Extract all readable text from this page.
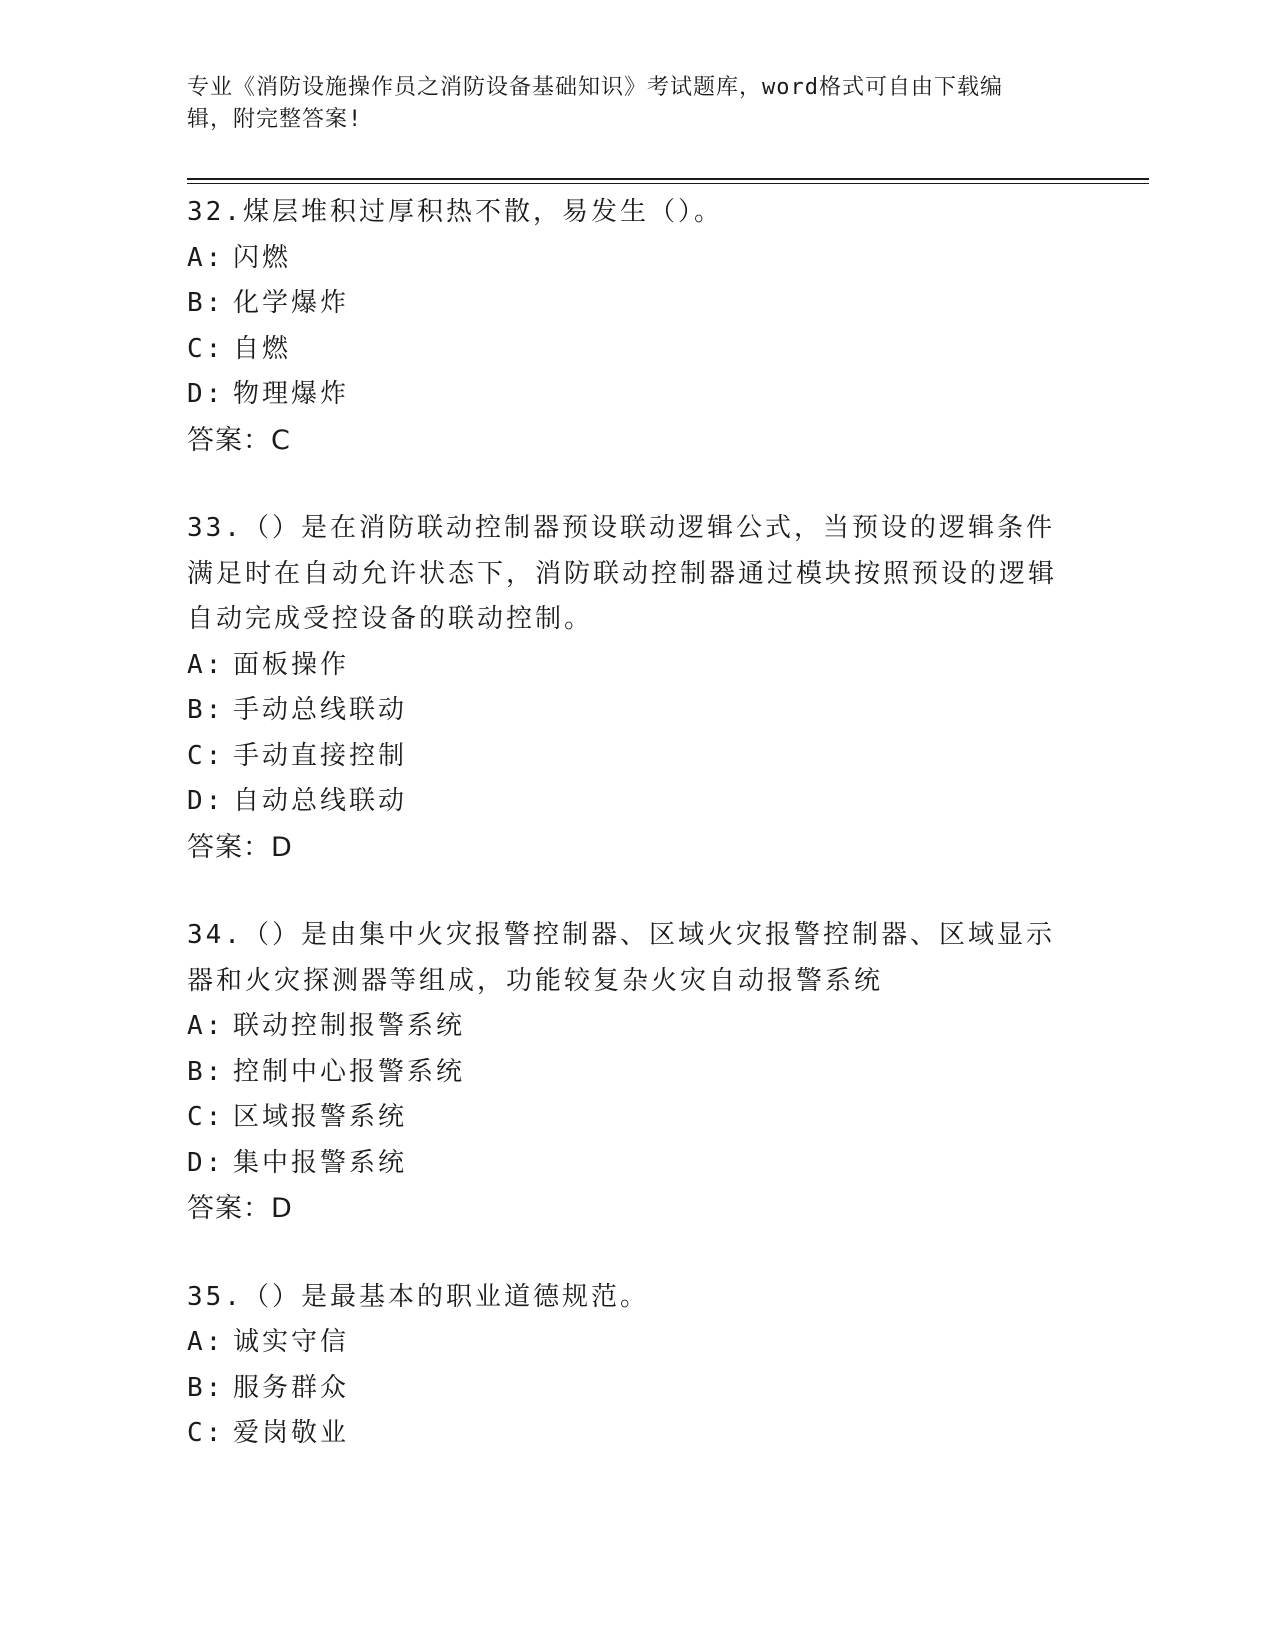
专业《消防设施操作员之消防设备基础知识》考试题库，word格式可自由下载编
辑，附完整答案!
32.煤层堆积过厚积热不散，易发生（）。
A: 闪燃
B: 化学爆炸
C: 自燃
D: 物理爆炸
答案：C
33.（）是在消防联动控制器预设联动逻辑公式，当预设的逻辑条件满足时在自动允许状态下，消防联动控制器通过模块按照预设的逻辑自动完成受控设备的联动控制。
A: 面板操作
B: 手动总线联动
C: 手动直接控制
D: 自动总线联动
答案：D
34.（）是由集中火灾报警控制器、区域火灾报警控制器、区域显示器和火灾探测器等组成，功能较复杂火灾自动报警系统
A: 联动控制报警系统
B: 控制中心报警系统
C: 区域报警系统
D: 集中报警系统
答案：D
35.（）是最基本的职业道德规范。
A: 诚实守信
B: 服务群众
C: 爱岗敬业
